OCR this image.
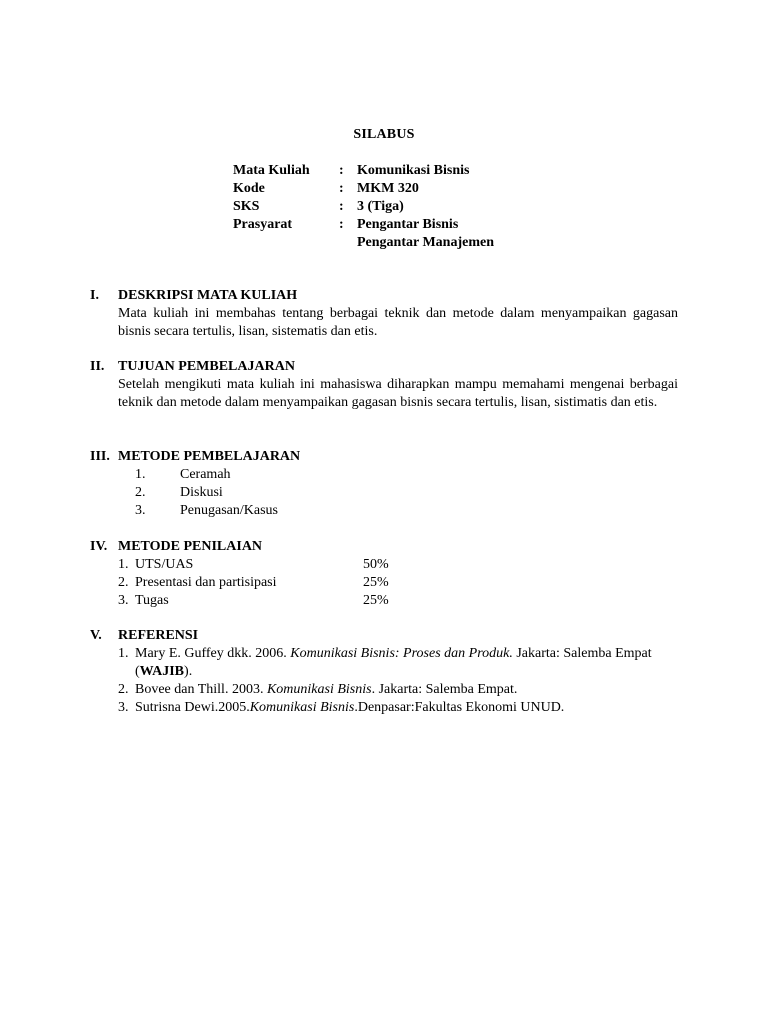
SILABUS
Mata Kuliah	: Komunikasi Bisnis
Kode	: MKM 320
SKS	: 3 (Tiga)
Prasyarat	: Pengantar Bisnis
Pengantar Manajemen
I.	DESKRIPSI MATA KULIAH
Mata kuliah ini membahas tentang berbagai teknik dan metode dalam menyampaikan gagasan bisnis secara tertulis, lisan, sistematis dan etis.
II. TUJUAN PEMBELAJARAN
Setelah mengikuti mata kuliah ini mahasiswa diharapkan mampu memahami mengenai berbagai teknik dan metode dalam menyampaikan gagasan bisnis secara tertulis, lisan, sistimatis dan etis.
III. METODE PEMBELAJARAN
1.	Ceramah
2.	Diskusi
3.	Penugasan/Kasus
IV. METODE PENILAIAN
1. UTS/UAS	50%
2. Presentasi dan partisipasi	25%
3. Tugas	25%
V.	REFERENSI
1. Mary E. Guffey dkk. 2006. Komunikasi Bisnis: Proses dan Produk. Jakarta: Salemba Empat (WAJIB).
2. Bovee dan Thill. 2003. Komunikasi Bisnis. Jakarta: Salemba Empat.
3. Sutrisna Dewi.2005.Komunikasi Bisnis.Denpasar:Fakultas Ekonomi UNUD.
